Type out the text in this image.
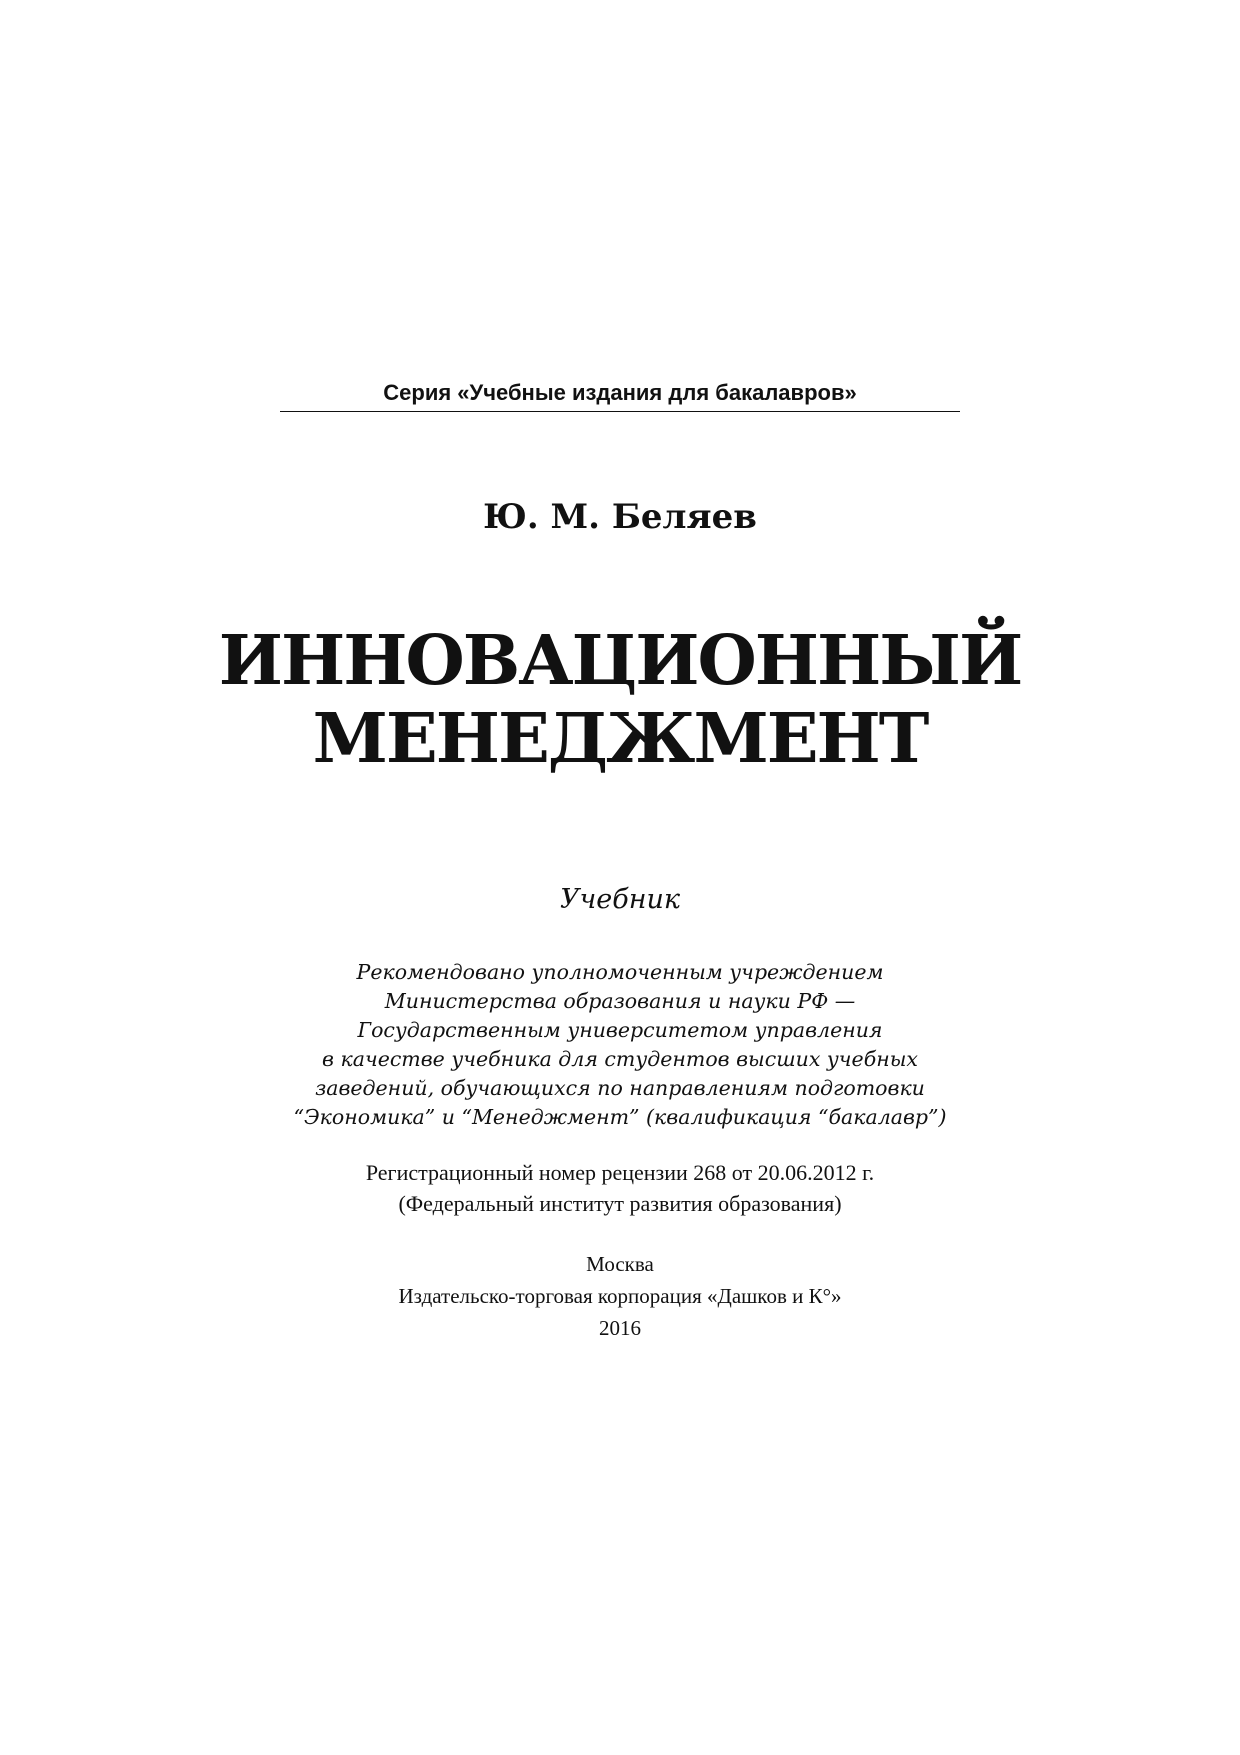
Серия «Учебные издания для бакалавров»
Ю. М. Беляев
ИННОВАЦИОННЫЙ
МЕНЕДЖМЕНТ
Учебник
Рекомендовано уполномоченным учреждением
Министерства образования и науки РФ —
Государственным университетом управления
в качестве учебника для студентов высших учебных
заведений, обучающихся по направлениям подготовки
“Экономика” и “Менеджмент” (квалификация “бакалавр”)
Регистрационный номер рецензии 268 от 20.06.2012 г.
(Федеральный институт развития образования)
Москва
Издательско-торговая корпорация «Дашков и К°»
2016
